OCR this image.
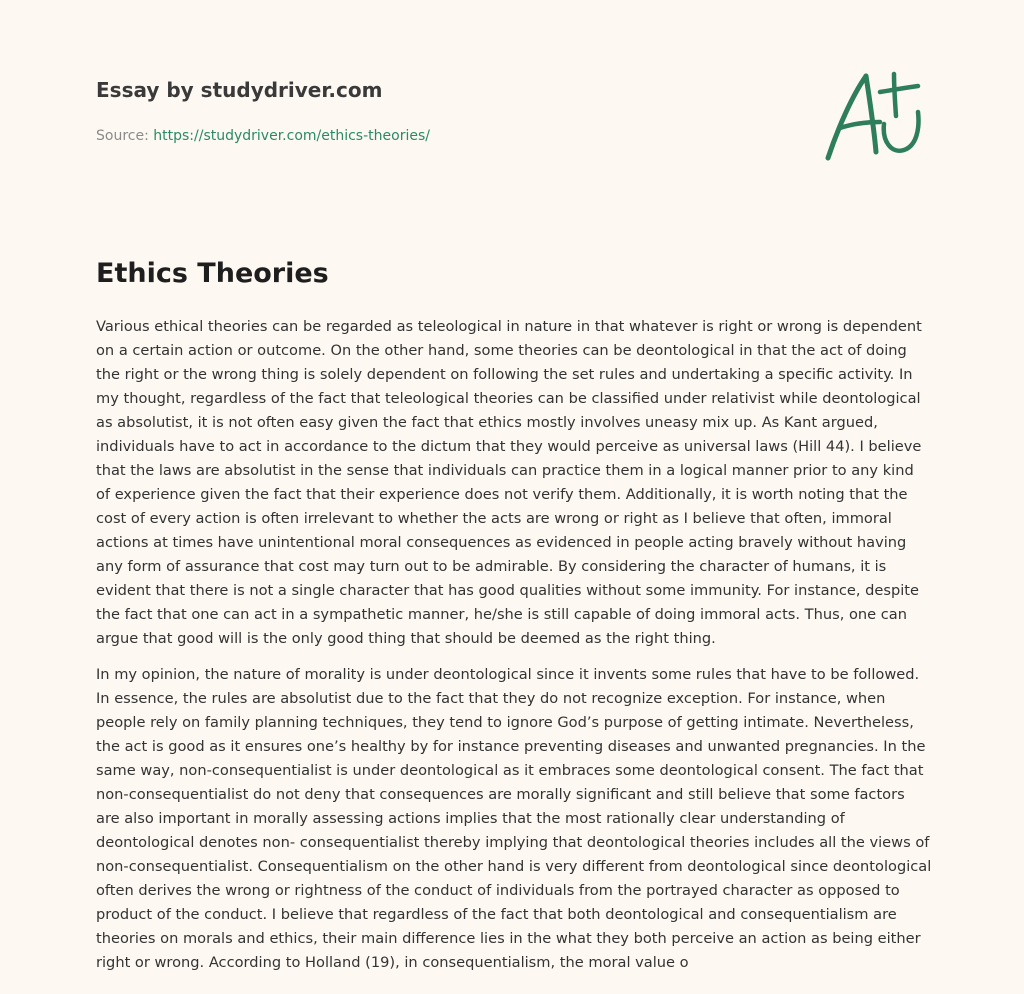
Essay by studydriver.com
Source: https://studydriver.com/ethics-theories/
Ethics Theories

Various ethical theories can be regarded as teleological in nature in that whatever is right or wrong is dependent on a certain action or outcome. On the other hand, some theories can be deontological in that the act of doing the right or the wrong thing is solely dependent on following the set rules and undertaking a specific activity. In my thought, regardless of the fact that teleological theories can be classified under relativist while deontological as absolutist, it is not often easy given the fact that ethics mostly involves uneasy mix up. As Kant argued, individuals have to act in accordance to the dictum that they would perceive as universal laws (Hill 44). I believe that the laws are absolutist in the sense that individuals can practice them in a logical manner prior to any kind of experience given the fact that their experience does not verify them. Additionally, it is worth noting that the cost of every action is often irrelevant to whether the acts are wrong or right as I believe that often, immoral actions at times have unintentional moral consequences as evidenced in people acting bravely without having any form of assurance that cost may turn out to be admirable. By considering the character of humans, it is evident that there is not a single character that has good qualities without some immunity. For instance, despite the fact that one can act in a sympathetic manner, he/she is still capable of doing immoral acts. Thus, one can argue that good will is the only good thing that should be deemed as the right thing.

In my opinion, the nature of morality is under deontological since it invents some rules that have to be followed. In essence, the rules are absolutist due to the fact that they do not recognize exception. For instance, when people rely on family planning techniques, they tend to ignore God’s purpose of getting intimate. Nevertheless, the act is good as it ensures one’s healthy by for instance preventing diseases and unwanted pregnancies. In the same way, non-consequentialist is under deontological as it embraces some deontological consent. The fact that non-consequentialist do not deny that consequences are morally significant and still believe that some factors are also important in morally assessing actions implies that the most rationally clear understanding of deontological denotes non- consequentialist thereby implying that deontological theories includes all the views of non-consequentialist. Consequentialism on the other hand is very different from deontological since deontological often derives the wrong or rightness of the conduct of individuals from the portrayed character as opposed to product of the conduct. I believe that regardless of the fact that both deontological and consequentialism are theories on morals and ethics, their main difference lies in the what they both perceive an action as being either right or wrong. According to Holland (19), in consequentialism, the moral value o
